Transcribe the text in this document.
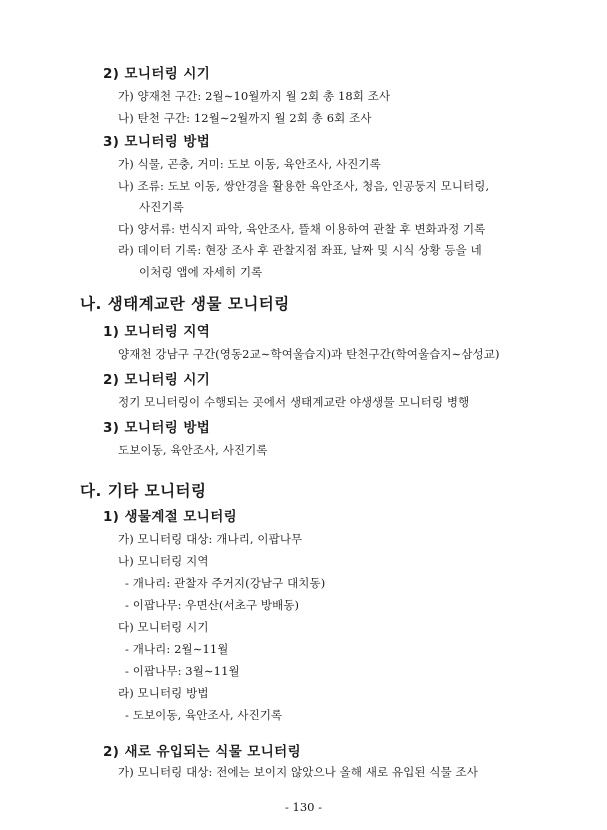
2) 모니터링 시기
가) 양재천 구간: 2월∼10월까지 월 2회 총 18회 조사
나) 탄천 구간: 12월∼2월까지 월 2회 총 6회 조사
3) 모니터링 방법
가) 식물, 곤충, 거미: 도보 이동, 육안조사, 사진기록
나) 조류: 도보 이동, 쌍안경을 활용한 육안조사, 청음, 인공둥지 모니터링,
사진기록
다) 양서류: 번식지 파악, 육안조사, 뜰채 이용하여 관찰 후 변화과정 기록
라) 데이터 기록: 현장 조사 후 관찰지점 좌표, 날짜 및 시식 상황 등을 네
이처링 앱에 자세히 기록
나. 생태계교란 생물 모니터링
1) 모니터링 지역
양재천 강남구 구간(영동2교∼학여울습지)과 탄천구간(학여울습지∼삼성교)
2) 모니터링 시기
정기 모니터링이 수행되는 곳에서 생태계교란 야생생물 모니터링 병행
3) 모니터링 방법
도보이동, 육안조사, 사진기록
다. 기타 모니터링
1) 생물계절 모니터링
가) 모니터링 대상: 개나리, 이팝나무
나) 모니터링 지역
- 개나리: 관찰자 주거지(강남구 대치동)
- 이팝나무: 우면산(서초구 방배동)
다) 모니터링 시기
- 개나리: 2월∼11월
- 이팝나무: 3월∼11월
라) 모니터링 방법
- 도보이동, 육안조사, 사진기록
2) 새로 유입되는 식물 모니터링
가) 모니터링 대상: 전에는 보이지 않았으나 올해 새로 유입된 식물 조사
- 130 -
